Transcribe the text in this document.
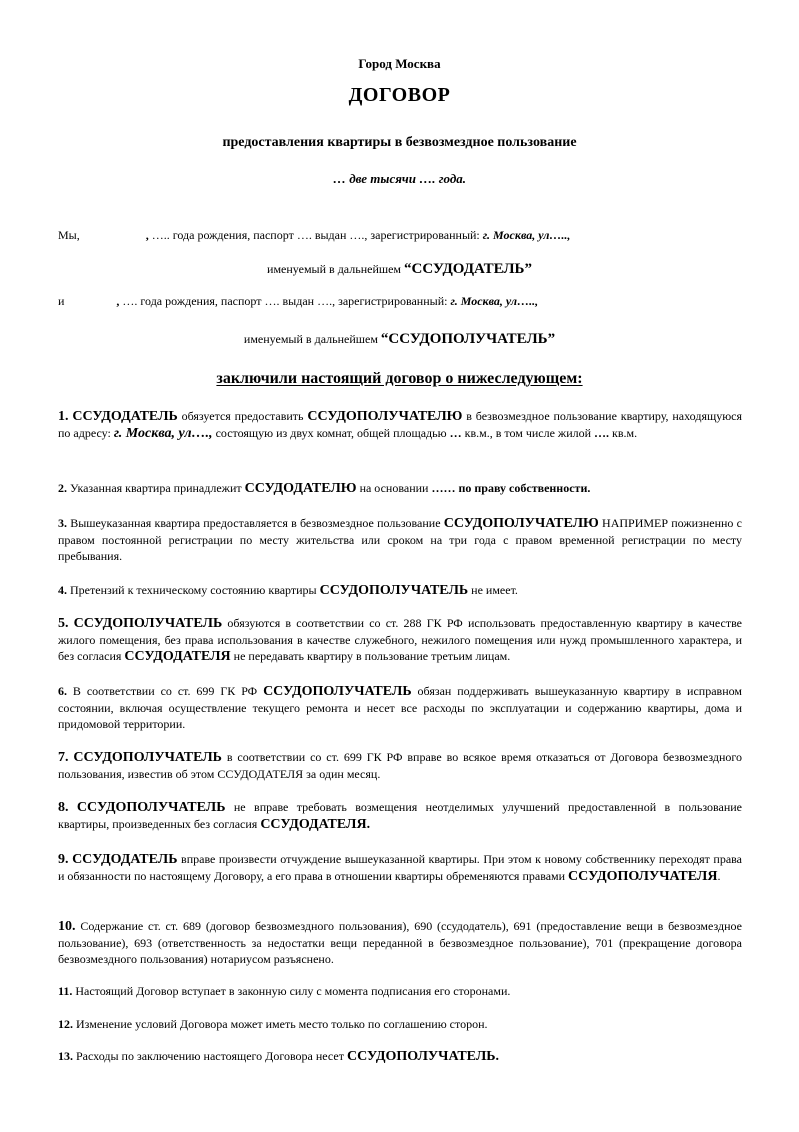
Город Москва
ДОГОВОР
предоставления квартиры в безвозмездное пользование
… две тысячи …. года.
Мы,	, ….. года рождения, паспорт …. выдан …., зарегистрированный: г. Москва, ул…..,
именуемый в дальнейшем “ССУДОДАТЕЛЬ”
и	, …. года рождения, паспорт …. выдан …., зарегистрированный: г. Москва, ул…..,
именуемый в дальнейшем “ССУДОПОЛУЧАТЕЛЬ”
заключили настоящий договор о нижеследующем:
1. ССУДОДАТЕЛЬ обязуется предоставить ССУДОПОЛУЧАТЕЛЮ в безвозмездное пользование квартиру, находящуюся по адресу: г. Москва, ул…., состоящую из двух комнат, общей площадью … кв.м., в том числе жилой …. кв.м.
2. Указанная квартира принадлежит ССУДОДАТЕЛЮ на основании …… по праву собственности.
3. Вышеуказанная квартира предоставляется в безвозмездное пользование ССУДОПОЛУЧАТЕЛЮ НАПРИМЕР пожизненно с правом постоянной регистрации по месту жительства или сроком на три года с правом временной регистрации по месту пребывания.
4. Претензий к техническому состоянию квартиры ССУДОПОЛУЧАТЕЛЬ не имеет.
5. ССУДОПОЛУЧАТЕЛЬ обязуются в соответствии со ст. 288 ГК РФ использовать предоставленную квартиру в качестве жилого помещения, без права использования в качестве служебного, нежилого помещения или нужд промышленного характера, и без согласия ССУДОДАТЕЛЯ не передавать квартиру в пользование третьим лицам.
6. В соответствии со ст. 699 ГК РФ ССУДОПОЛУЧАТЕЛЬ обязан поддерживать вышеуказанную квартиру в исправном состоянии, включая осуществление текущего ремонта и несет все расходы по эксплуатации и содержанию квартиры, дома и придомовой территории.
7. ССУДОПОЛУЧАТЕЛЬ в соответствии со ст. 699 ГК РФ вправе во всякое время отказаться от Договора безвозмездного пользования, известив об этом ССУДОДАТЕЛЯ за один месяц.
8. ССУДОПОЛУЧАТЕЛЬ не вправе требовать возмещения неотделимых улучшений предоставленной в пользование квартиры, произведенных без согласия ССУДОДАТЕЛЯ.
9. ССУДОДАТЕЛЬ вправе произвести отчуждение вышеуказанной квартиры. При этом к новому собственнику переходят права и обязанности по настоящему Договору, а его права в отношении квартиры обременяются правами ССУДОПОЛУЧАТЕЛЯ.
10. Содержание ст. ст. 689 (договор безвозмездного пользования), 690 (ссудодатель), 691 (предоставление вещи в безвозмездное пользование), 693 (ответственность за недостатки вещи переданной в безвозмездное пользование), 701 (прекращение договора безвозмездного пользования) нотариусом разъяснено.
11. Настоящий Договор вступает в законную силу с момента подписания его сторонами.
12. Изменение условий Договора может иметь место только по соглашению сторон.
13. Расходы по заключению настоящего Договора несет ССУДОПОЛУЧАТЕЛЬ.
